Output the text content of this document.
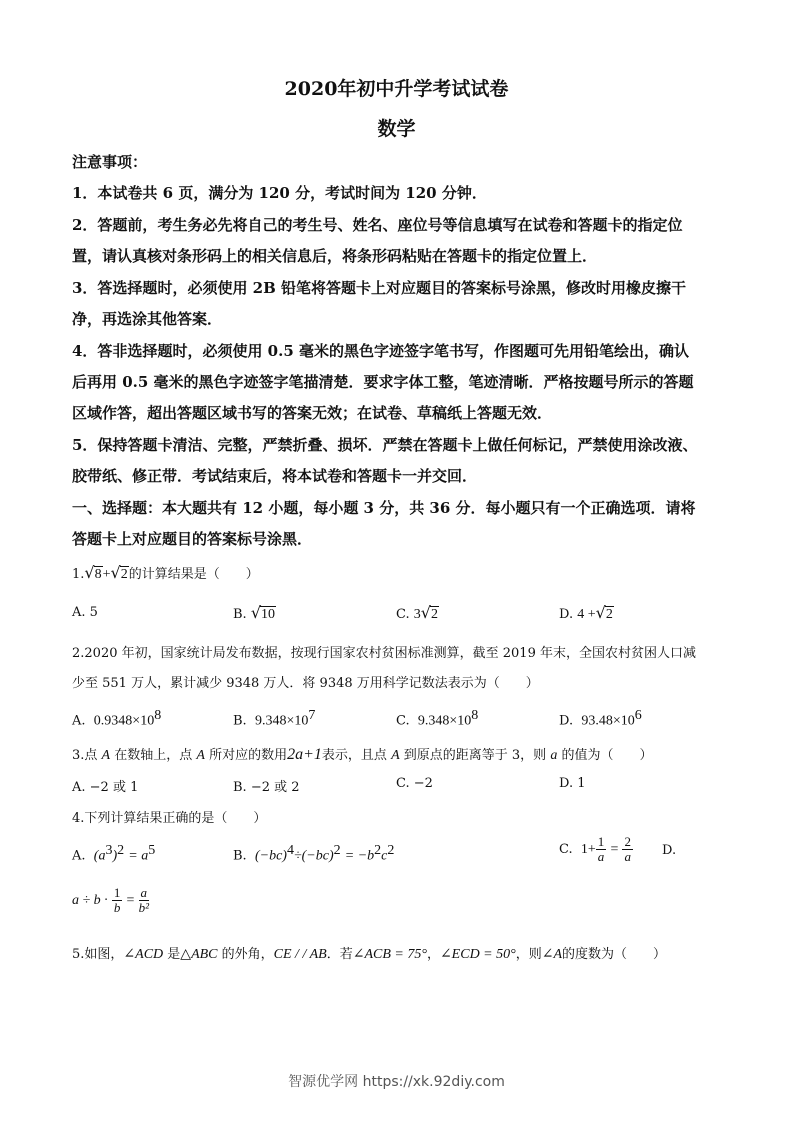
2020年初中升学考试试卷
数学
注意事项：
1．本试卷共 6 页，满分为 120 分，考试时间为 120 分钟．
2．答题前，考生务必先将自己的考生号、姓名、座位号等信息填写在试卷和答题卡的指定位
置，请认真核对条形码上的相关信息后，将条形码粘贴在答题卡的指定位置上．
3．答选择题时，必须使用 2B 铅笔将答题卡上对应题目的答案标号涂黑，修改时用橡皮擦干
净，再选涂其他答案．
4．答非选择题时，必须使用 0.5 毫米的黑色字迹签字笔书写，作图题可先用铅笔绘出，确认
后再用 0.5 毫米的黑色字迹签字笔描清楚．要求字体工整，笔迹清晰．严格按题号所示的答题
区域作答，超出答题区域书写的答案无效；在试卷、草稿纸上答题无效．
5．保持答题卡清洁、完整，严禁折叠、损坏．严禁在答题卡上做任何标记，严禁使用涂改液、
胶带纸、修正带．考试结束后，将本试卷和答题卡一并交回．
一、选择题：本大题共有 12 小题，每小题 3 分，共 36 分．每小题只有一个正确选项．请将
答题卡上对应题目的答案标号涂黑．
1.√8+√2的计算结果是（　　）
A. 5	B. √10	C. 3√2	D. 4 +√2
2.2020 年初，国家统计局发布数据，按现行国家农村贫困标准测算，截至 2019 年末，全国农村贫困人口减
少至 551 万人，累计减少 9348 万人．将 9348 万用科学记数法表示为（　　）
A. $0.9348\times 10^8$	B. $9.348\times 10^7$	C. $9.348\times 10^8$	D. $93.48\times 10^6$
3.点 A 在数轴上，点 A 所对应的数用2a+1表示，且点 A 到原点的距离等于 3，则 a 的值为（　　）
A. −2 或 1	B. −2 或 2	C. −2	D. 1
4.下列计算结果正确的是（　　）
A. $(a^3)^2 = a^5$	B. $(-bc)^4\div(-bc)^2 = -b^2c^2$	C. $1+ \frac{1}{a} = \frac{2}{a} D$.
$a \div b \cdot \frac{1}{b} = \frac{a}{\text{b²}}$
5.如图，∠ACD 是△ABC 的外角，CE / / AB．若∠ACB = 75°，∠ECD = 50°，则∠A的度数为（　　）
智源优学网 https://xk.92diy.com
